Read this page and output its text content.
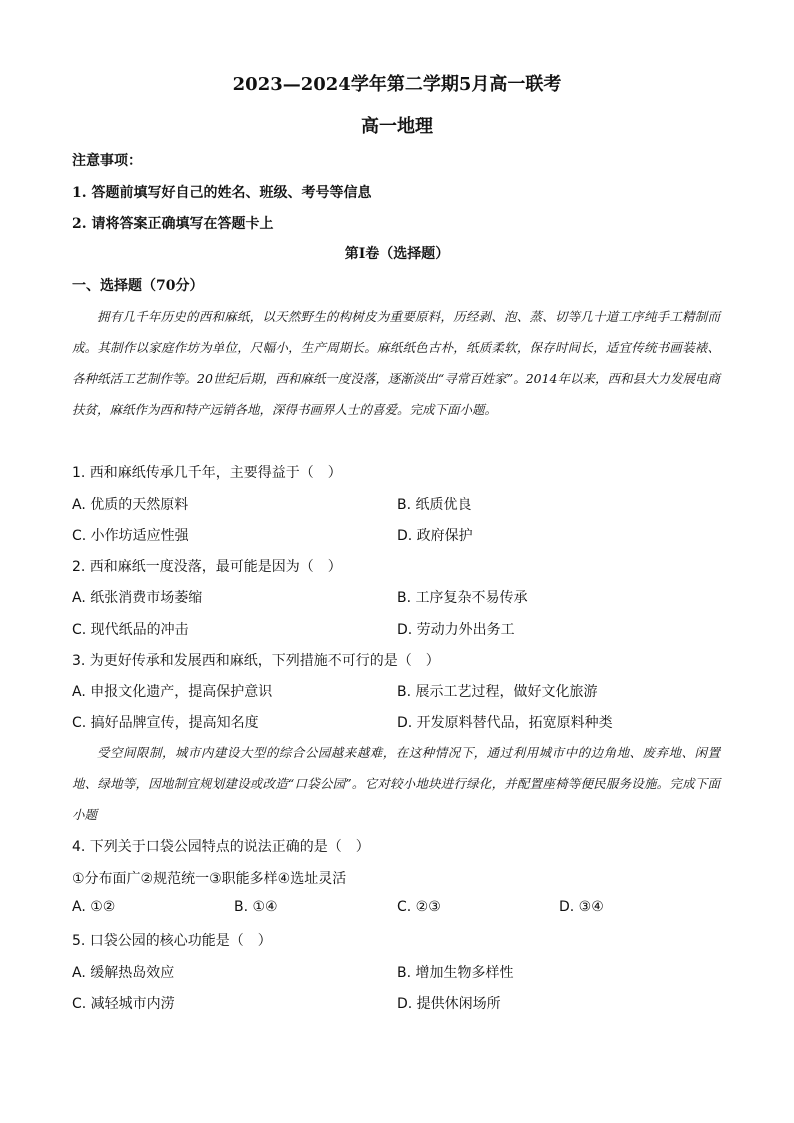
2023—2024学年第二学期5月高一联考
高一地理
注意事项：
1. 答题前填写好自己的姓名、班级、考号等信息
2. 请将答案正确填写在答题卡上
第I卷（选择题）
一、选择题（70分）

拥有几千年历史的西和麻纸，以天然野生的构树皮为重要原料，历经剥、泡、蒸、切等几十道工序纯手工精制而成。其制作以家庭作坊为单位，尺幅小，生产周期长。麻纸纸色古朴，纸质柔软，保存时间长，适宜传统书画装裱、各种纸活工艺制作等。20世纪后期，西和麻纸一度没落，逐渐淡出“寻常百姓家”。2014年以来，西和县大力发展电商扶贫，麻纸作为西和特产远销各地，深得书画界人士的喜爱。完成下面小题。

1. 西和麻纸传承几千年，主要得益于（　）
A. 优质的天然原料	B. 纸质优良
C. 小作坊适应性强	D. 政府保护
2. 西和麻纸一度没落，最可能是因为（　）
A. 纸张消费市场萎缩	B. 工序复杂不易传承
C. 现代纸品的冲击	D. 劳动力外出务工
3. 为更好传承和发展西和麻纸，下列措施不可行的是（　）
A. 申报文化遗产，提高保护意识	B. 展示工艺过程，做好文化旅游
C. 搞好品牌宣传，提高知名度	D. 开发原料替代品，拓宽原料种类

受空间限制，城市内建设大型的综合公园越来越难，在这种情况下，通过利用城市中的边角地、废弃地、闲置地、绿地等，因地制宜规划建设或改造“口袋公园”。它对较小地块进行绿化，并配置座椅等便民服务设施。完成下面小题

4. 下列关于口袋公园特点的说法正确的是（　）
①分布面广②规范统一③职能多样④选址灵活
A. ①②	B. ①④	C. ②③	D. ③④
5. 口袋公园的核心功能是（　）
A. 缓解热岛效应	B. 增加生物多样性
C. 减轻城市内涝	D. 提供休闲场所
